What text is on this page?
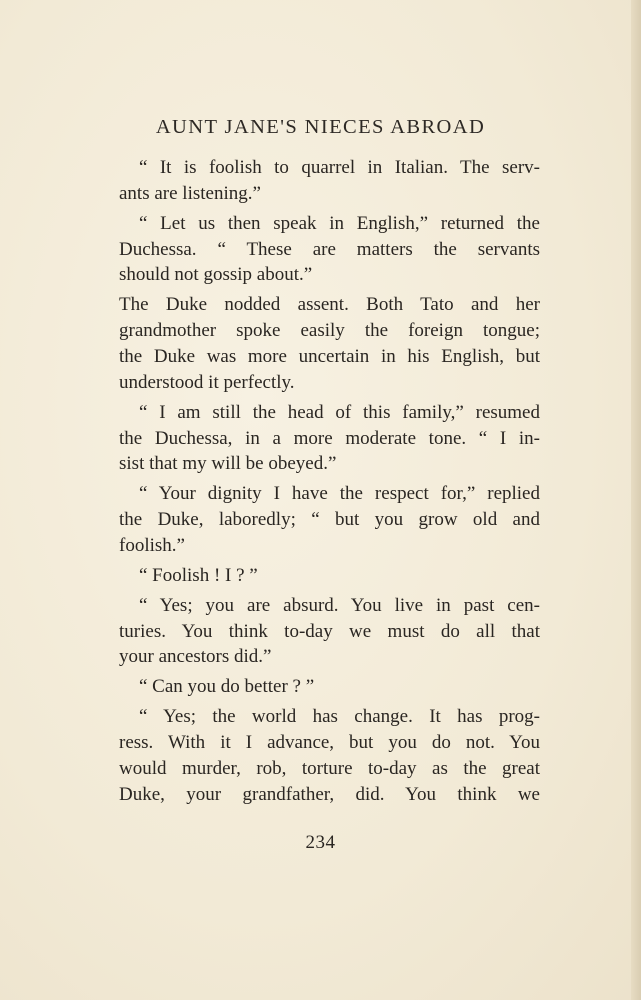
AUNT JANE'S NIECES ABROAD
“ It is foolish to quarrel in Italian. The serv-
ants are listening.”
“ Let us then speak in English,” returned the
Duchessa. “ These are matters the servants
should not gossip about.”
The Duke nodded assent. Both Tato and her
grandmother spoke easily the foreign tongue;
the Duke was more uncertain in his English, but
understood it perfectly.
“ I am still the head of this family,” resumed
the Duchessa, in a more moderate tone. “ I in-
sist that my will be obeyed.”
“ Your dignity I have the respect for,” replied
the Duke, laboredly; “ but you grow old and
foolish.”
“ Foolish ! I ? ”
“ Yes; you are absurd. You live in past cen-
turies. You think to-day we must do all that
your ancestors did.”
“ Can you do better ? ”
“ Yes; the world has change. It has prog-
ress. With it I advance, but you do not. You
would murder, rob, torture to-day as the great
Duke, your grandfather, did. You think we
234
